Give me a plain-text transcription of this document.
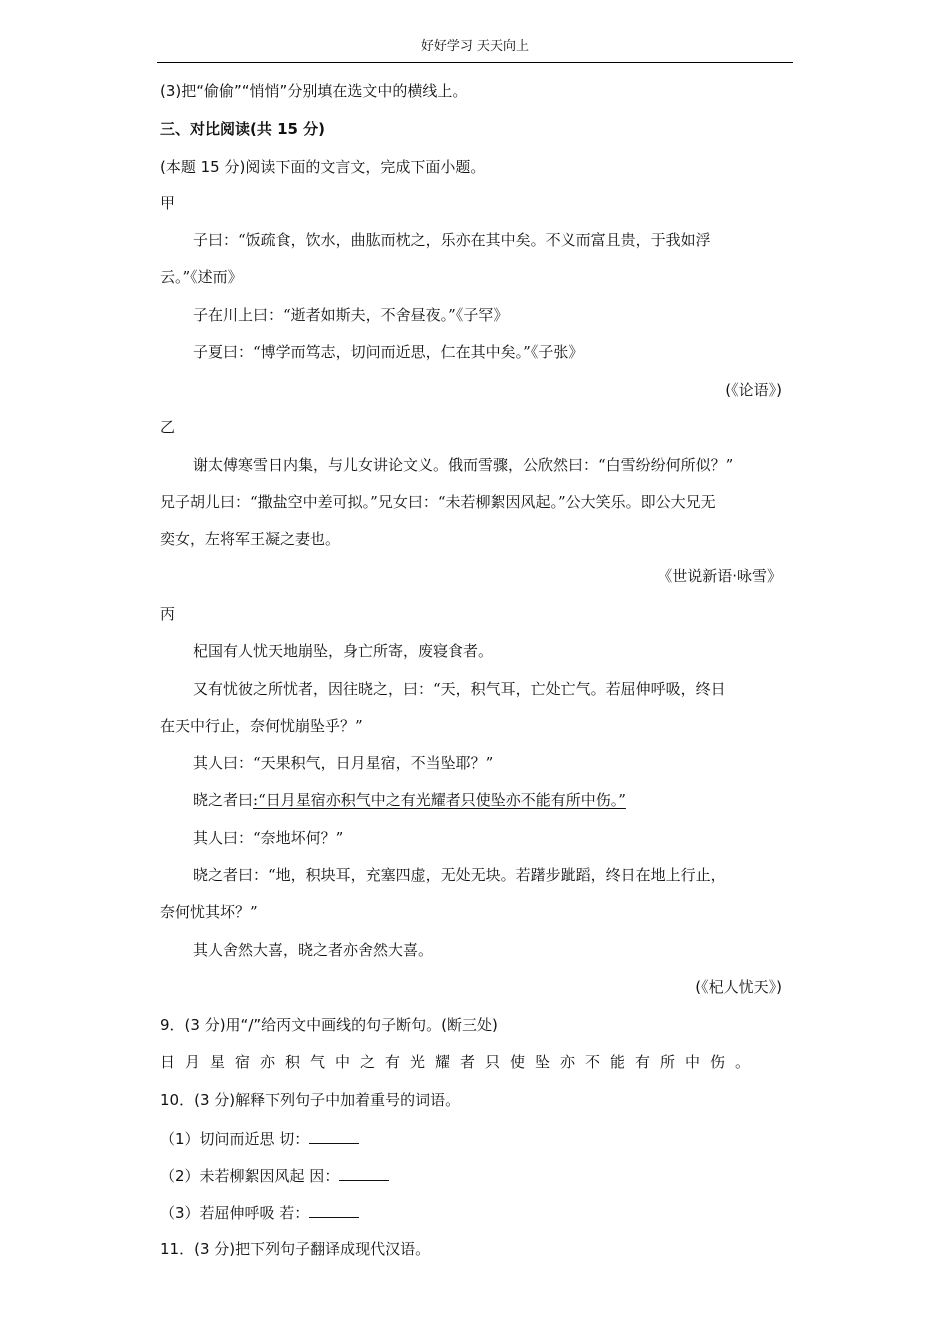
好好学习 天天向上
(3)把“偷偷”“悄悄”分别填在选文中的横线上。
三、对比阅读(共 15 分)
(本题 15 分)阅读下面的文言文，完成下面小题。
甲
子曰：“饭疏食，饮水，曲肱而枕之，乐亦在其中矣。不义而富且贵，于我如浮
云。”《述而》
子在川上曰：“逝者如斯夫，不舍昼夜。”《子罕》
子夏曰：“博学而笃志，切问而近思，仁在其中矣。”《子张》
(《论语》)
乙
谢太傅寒雪日内集，与儿女讲论文义。俄而雪骤，公欣然曰：“白雪纷纷何所似？”
兄子胡儿曰：“撒盐空中差可拟。”兄女曰：“未若柳絮因风起。”公大笑乐。即公大兄无
奕女，左将军王凝之妻也。
《世说新语·咏雪》
丙
杞国有人忧天地崩坠，身亡所寄，废寝食者。
又有忧彼之所忧者，因往晓之，曰：“天，积气耳，亡处亡气。若屈伸呼吸，终日
在天中行止，奈何忧崩坠乎？”
其人曰：“天果积气，日月星宿，不当坠耶？”
晓之者曰:“日月星宿亦积气中之有光耀者只使坠亦不能有所中伤。”
其人曰：“奈地坏何？”
晓之者曰：“地，积块耳，充塞四虚，无处无块。若躇步跐蹈，终日在地上行止，
奈何忧其坏？”
其人舍然大喜，晓之者亦舍然大喜。
(《杞人忧天》)
9．(3 分)用“/”给丙文中画线的句子断句。(断三处)
日月星宿亦积气中之有光耀者只使坠亦不能有所中伤。
10．(3 分)解释下列句子中加着重号的词语。
（1）切问而近思 切：
（2）未若柳絮因风起 因：
（3）若屈伸呼吸 若：
11．(3 分)把下列句子翻译成现代汉语。
